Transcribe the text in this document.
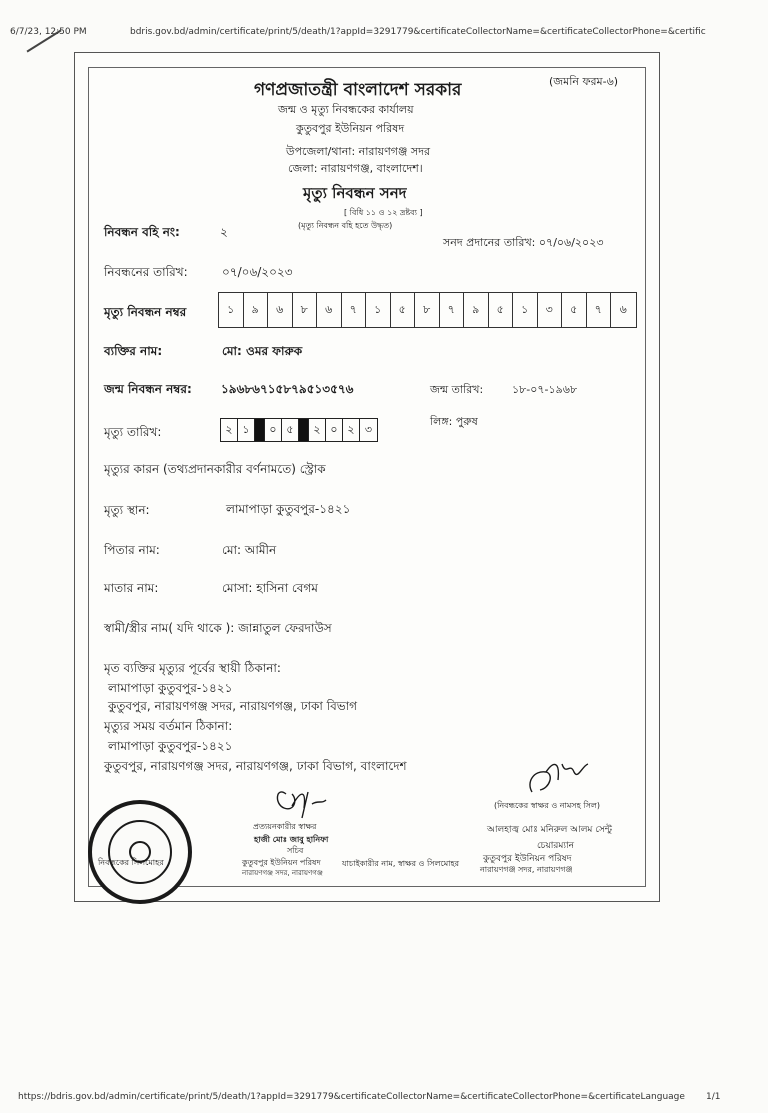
6/7/23, 12:50 PM	bdris.gov.bd/admin/certificate/print/5/death/1?appId=3291779&certificateCollectorName=&certificateCollectorPhone=&certific
গণপ্রজাতন্ত্রী বাংলাদেশ সরকার	(জমনি ফরম-৬)
জন্ম ও মৃত্যু নিবন্ধকের কার্যালয়
কুতুবপুর ইউনিয়ন পরিষদ
উপজেলা/থানা: নারায়ণগঞ্জ সদর
জেলা: নারায়ণগঞ্জ, বাংলাদেশ।
মৃত্যু নিবন্ধন সনদ
[ বিধি ১১ ও ১২ দ্রষ্টব্য ]
(মৃত্যু নিবন্ধন বহি হতে উদ্ধৃত)
নিবন্ধন বহি নং:	২
সনদ প্রদানের তারিখ: ০৭/০৬/২০২৩
নিবন্ধনের তারিখ:	০৭/০৬/২০২৩
মৃত্যু নিবন্ধন নম্বর	১	৯	৬	৮	৬	৭	১	৫	৮	৭	৯	৫	১	৩	৫	৭	৬
ব্যক্তির নাম:	মো: ওমর ফারুক
জন্ম নিবন্ধন নম্বর: ১৯৬৮৬৭১৫৮৭৯৫১৩৫৭৬	জন্ম তারিখ:	১৮-০৭-১৯৬৮
লিঙ্গ: পুরুষ
মৃত্যু তারিখ:	২ ১	০ ৫	২ ০ ২ ৩
মৃত্যুর কারন (তথ্যপ্রদানকারীর বর্ণনামতে) স্ট্রোক
মৃত্যু স্থান:	লামাপাড়া কুতুবপুর-১৪২১
পিতার নাম:	মো: আমীন
মাতার নাম:	মোসা: হাসিনা বেগম
স্বামী/স্ত্রীর নাম( যদি থাকে ): জান্নাতুল ফেরদাউস
মৃত ব্যক্তির মৃত্যুর পূর্বের স্থায়ী ঠিকানা:
লামাপাড়া কুতুবপুর-১৪২১
কুতুবপুর, নারায়ণগঞ্জ সদর, নারায়ণগঞ্জ, ঢাকা বিভাগ
মৃত্যুর সময় বর্তমান ঠিকানা:
লামাপাড়া কুতুবপুর-১৪২১
কুতুবপুর, নারায়ণগঞ্জ সদর, নারায়ণগঞ্জ, ঢাকা বিভাগ, বাংলাদেশ
প্রত্যয়নকারীর স্বাক্ষর
হাজী মোঃ জাবু হানিফা
সচিব
কুতুবপুর ইউনিয়ন পরিষদ
নারায়ণগঞ্জ সদর, নারায়ণগঞ্জ
নিবন্ধকের সিলমোহর	যাচাইকারীর নাম, স্বাক্ষর ও সিলমোহর
(নিবন্ধকের স্বাক্ষর ও নামসহ সিল)
আলহাজ্ব মোঃ মনিরুল আলম সেন্টু
চেয়ারম্যান
কুতুবপুর ইউনিয়ন পরিষদ
নারায়ণগঞ্জ সদর, নারায়ণগঞ্জ
https://bdris.gov.bd/admin/certificate/print/5/death/1?appId=3291779&certificateCollectorName=&certificateCollectorPhone=&certificateLanguage 1/1
